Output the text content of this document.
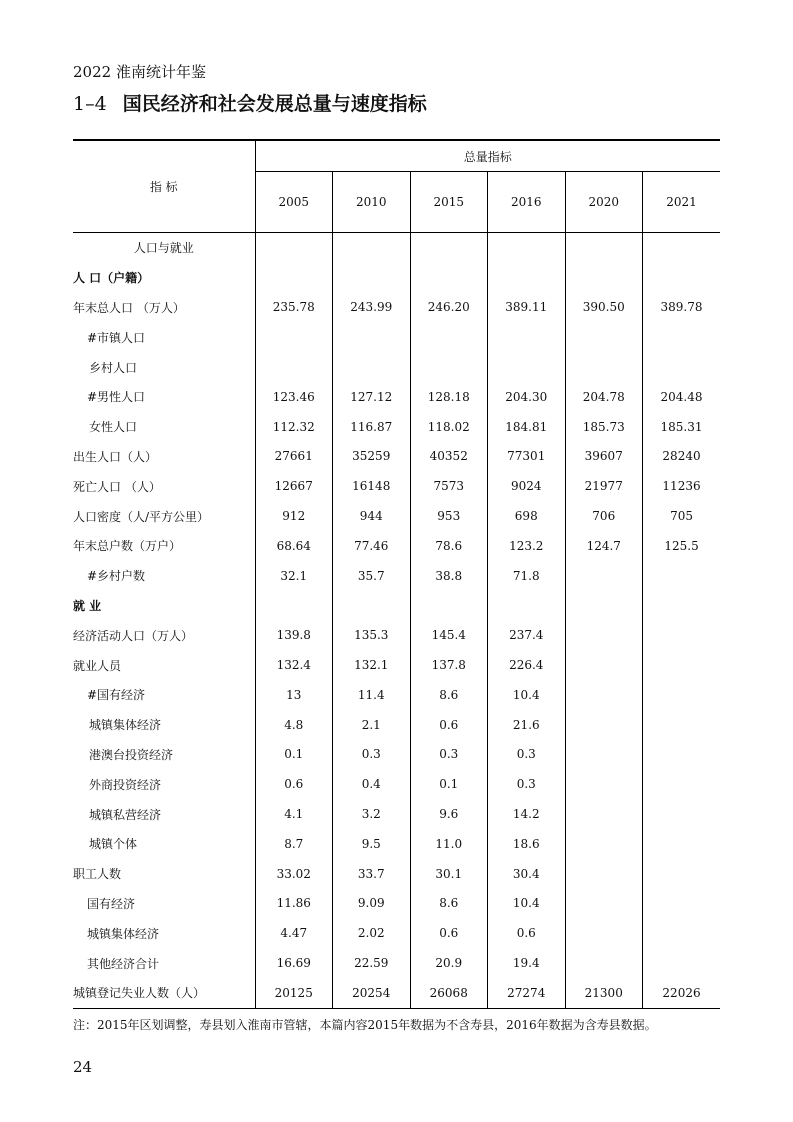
2022 淮南统计年鉴
1–4 国民经济和社会发展总量与速度指标
指 标	总量指标					
	2005	2010	2015	2016	2020	2021
人口与就业						
人 口（户籍）						
年末总人口 （万人）	235.78	243.99	246.20	389.11	390.50	389.78
#市镇人口						
乡村人口						
#男性人口	123.46	127.12	128.18	204.30	204.78	204.48
女性人口	112.32	116.87	118.02	184.81	185.73	185.31
出生人口（人）	27661	35259	40352	77301	39607	28240
死亡人口 （人）	12667	16148	7573	9024	21977	11236
人口密度（人/平方公里）	912	944	953	698	706	705
年末总户数（万户）	68.64	77.46	78.6	123.2	124.7	125.5
#乡村户数	32.1	35.7	38.8	71.8		
就 业						
经济活动人口（万人）	139.8	135.3	145.4	237.4		
就业人员	132.4	132.1	137.8	226.4		
#国有经济	13	11.4	8.6	10.4		
城镇集体经济	4.8	2.1	0.6	21.6		
港澳台投资经济	0.1	0.3	0.3	0.3		
外商投资经济	0.6	0.4	0.1	0.3		
城镇私营经济	4.1	3.2	9.6	14.2		
城镇个体	8.7	9.5	11.0	18.6		
职工人数	33.02	33.7	30.1	30.4		
国有经济	11.86	9.09	8.6	10.4		
城镇集体经济	4.47	2.02	0.6	0.6		
其他经济合计	16.69	22.59	20.9	19.4		
城镇登记失业人数（人）	20125	20254	26068	27274	21300	22026
注：2015年区划调整，寿县划入淮南市管辖，本篇内容2015年数据为不含寿县，2016年数据为含寿县数据。
24
